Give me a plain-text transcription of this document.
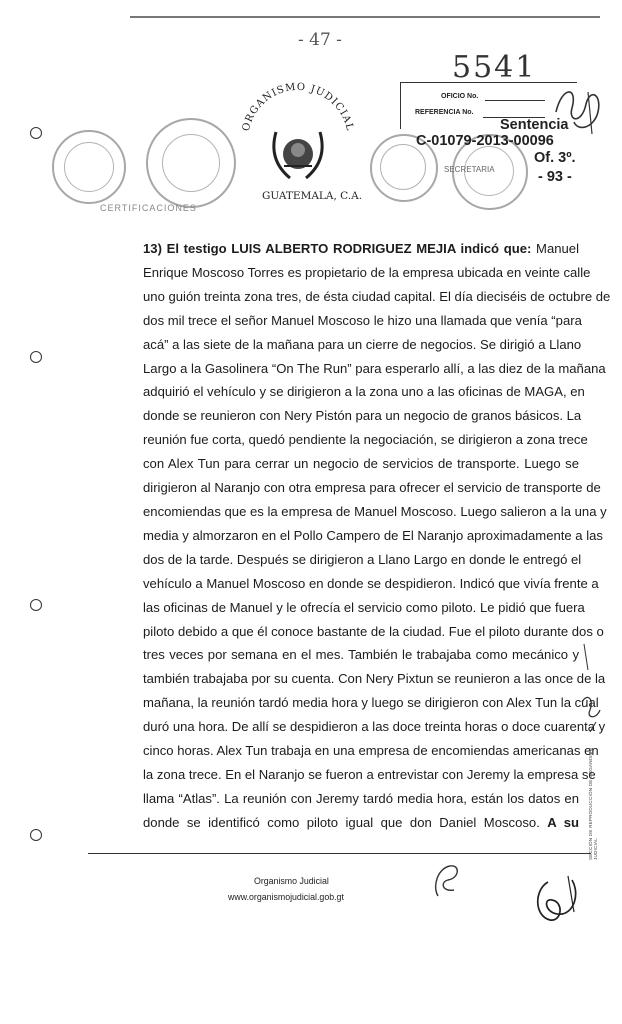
- 47 -
5541
CERTIFICACIONES
ORGANISMO JUDICIAL
GUATEMALA, C.A.
SECRETARIA
OFICIO No.
REFERENCIA No.
Sentencia
C-01079-2013-00096
Of. 3º.
- 93 -

13) El testigo LUIS ALBERTO RODRIGUEZ MEJIA indicó que: Manuel

Enrique Moscoso Torres es propietario de la empresa ubicada en veinte calle

uno guión treinta zona tres, de ésta ciudad capital. El día dieciséis de octubre de

dos mil trece el señor Manuel Moscoso le hizo una llamada que venía “para

acá” a las siete de la mañana para un cierre de negocios. Se dirigió a Llano

Largo a la Gasolinera “On The Run” para esperarlo allí, a las diez de la mañana

adquirió el vehículo y se dirigieron a la zona uno a las oficinas de MAGA, en

donde se reunieron con Nery Pistón para un negocio de granos básicos. La

reunión fue corta, quedó pendiente la negociación, se dirigieron a zona trece

con Alex Tun para cerrar un negocio de servicios de transporte. Luego se

dirigieron al Naranjo con otra empresa para ofrecer el servicio de transporte de

encomiendas que es la empresa de Manuel Moscoso. Luego salieron a la una y

media y almorzaron en el Pollo Campero de El Naranjo aproximadamente a las

dos de la tarde. Después se dirigieron a Llano Largo en donde le entregó el

vehículo a Manuel Moscoso en donde se despidieron. Indicó que vivía frente a

las oficinas de Manuel y le ofrecía el servicio como piloto. Le pidió que fuera

piloto debido a que él conoce bastante de la ciudad. Fue el piloto durante dos o

tres veces por semana en el mes. También le trabajaba como mecánico y

también trabajaba por su cuenta. Con Nery Pixtun se reunieron a las once de la

mañana, la reunión tardó media hora y luego se dirigieron con Alex Tun la cual

duró una hora. De allí se despidieron a las doce treinta horas o doce cuarenta y

cinco horas. Alex Tun trabaja en una empresa de encomiendas americanas en

la zona trece. En el Naranjo se fueron a entrevistar con Jeremy la empresa se

llama “Atlas”. La reunión con Jeremy tardó media hora, están los datos en

donde se identificó como piloto igual que don Daniel Moscoso. A su SECCIÓN DE REPRODUCCIÓN DE ORGANISMO JUDICIAL
Organismo Judicial
www.organismojudicial.gob.gt
